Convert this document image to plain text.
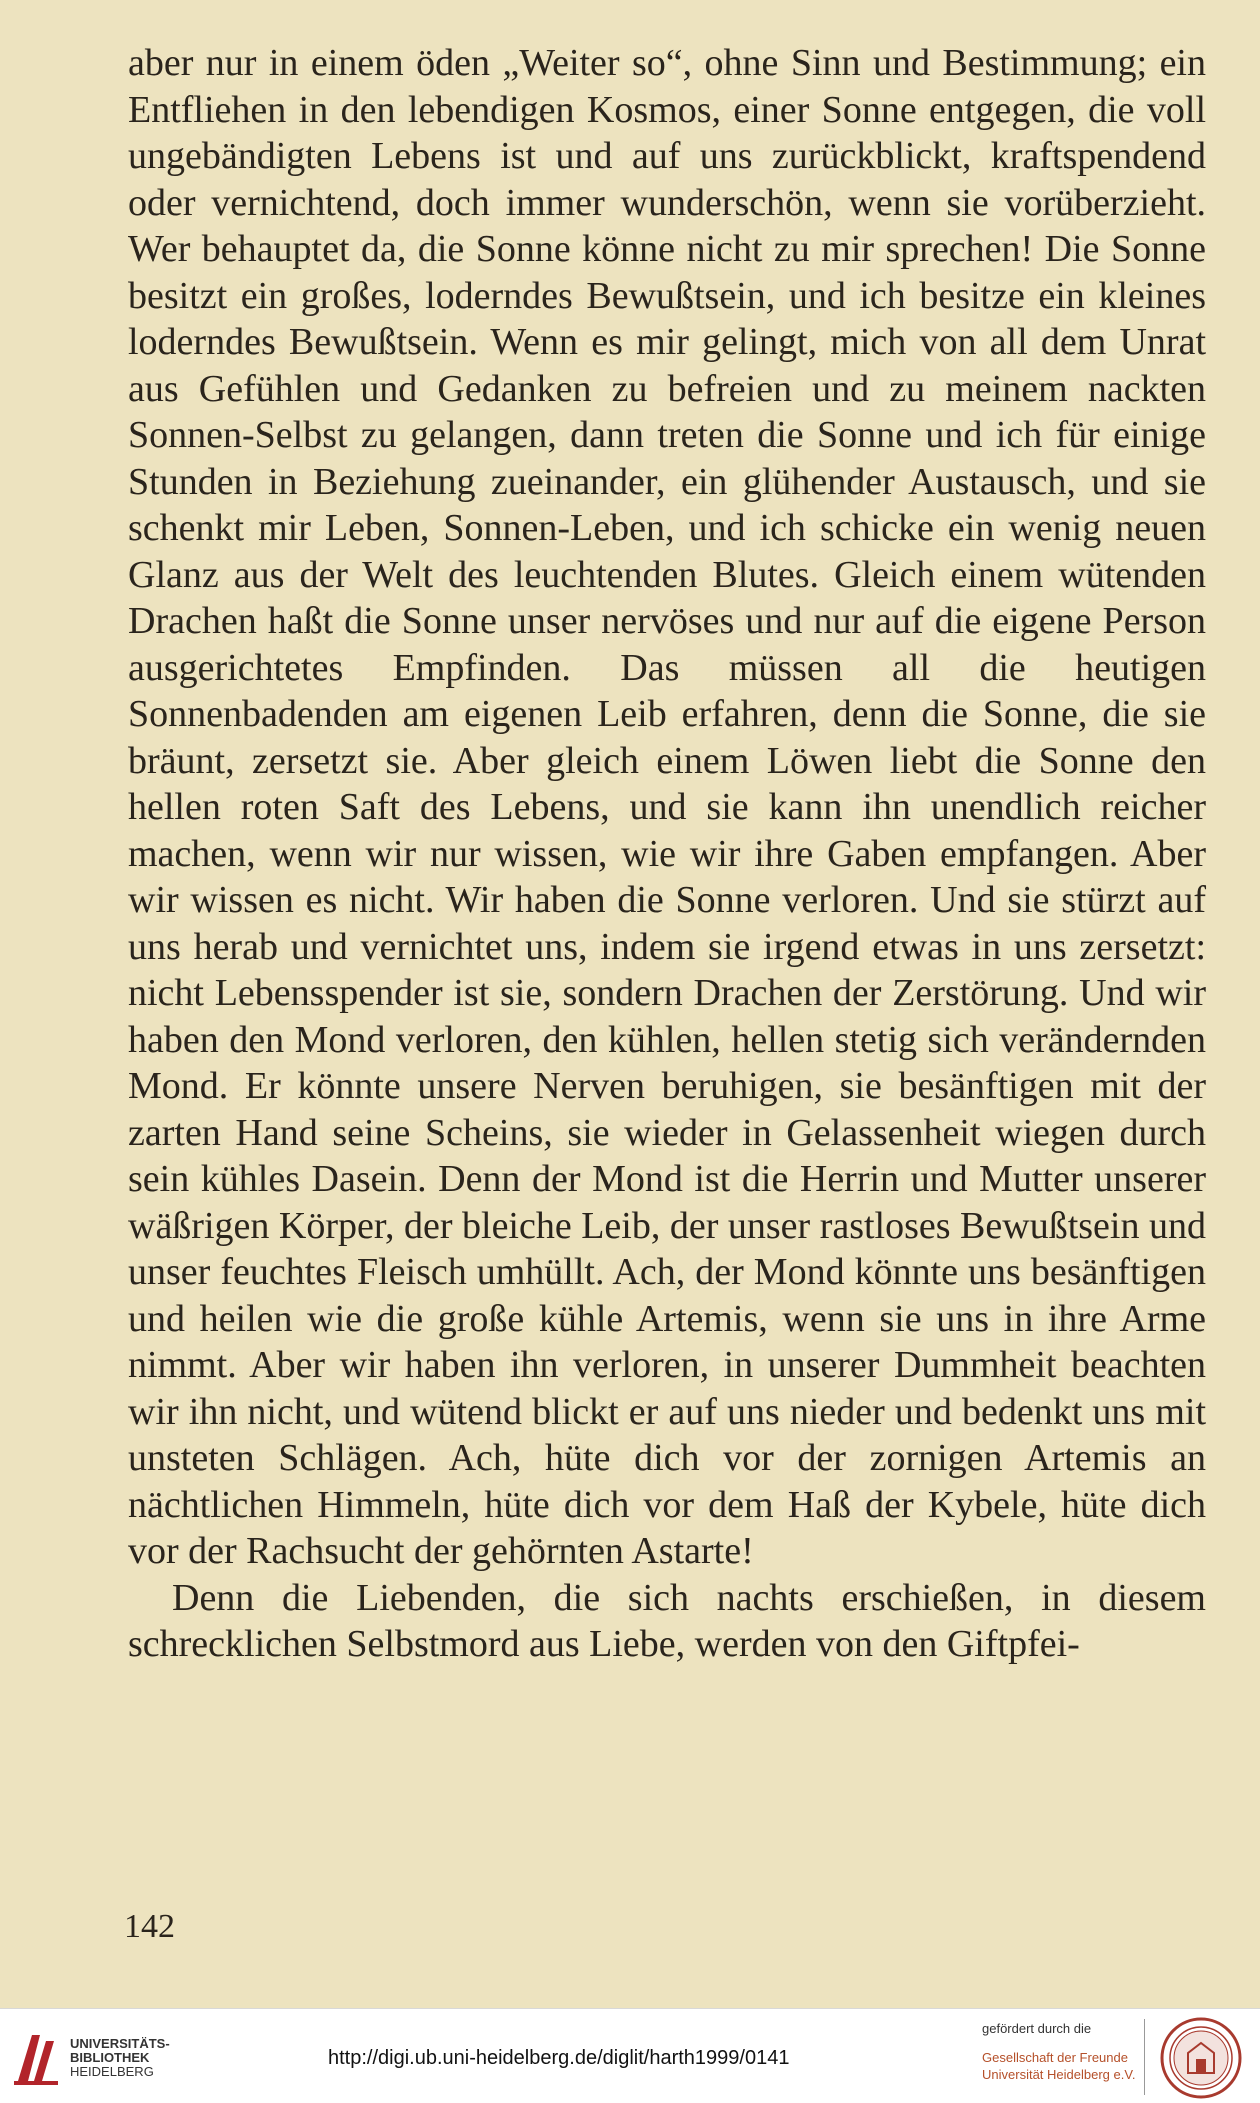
aber nur in einem öden „Weiter so“, ohne Sinn und Bestimmung; ein Entfliehen in den lebendigen Kosmos, einer Sonne entgegen, die voll ungebändigten Lebens ist und auf uns zurückblickt, kraftspendend oder vernichtend, doch immer wunderschön, wenn sie vorüberzieht. Wer behauptet da, die Sonne könne nicht zu mir sprechen! Die Sonne besitzt ein großes, loderndes Bewußtsein, und ich besitze ein kleines loderndes Bewußtsein. Wenn es mir gelingt, mich von all dem Unrat aus Gefühlen und Gedanken zu befreien und zu meinem nackten Sonnen-Selbst zu gelangen, dann treten die Sonne und ich für einige Stunden in Beziehung zueinander, ein glühender Austausch, und sie schenkt mir Leben, Sonnen-Leben, und ich schicke ein wenig neuen Glanz aus der Welt des leuchtenden Blutes. Gleich einem wütenden Drachen haßt die Sonne unser nervöses und nur auf die eigene Person ausgerichtetes Empfinden. Das müssen all die heutigen Sonnenbadenden am eigenen Leib erfahren, denn die Sonne, die sie bräunt, zersetzt sie. Aber gleich einem Löwen liebt die Sonne den hellen roten Saft des Lebens, und sie kann ihn unendlich reicher machen, wenn wir nur wissen, wie wir ihre Gaben empfangen. Aber wir wissen es nicht. Wir haben die Sonne verloren. Und sie stürzt auf uns herab und vernichtet uns, indem sie irgend etwas in uns zersetzt: nicht Lebensspender ist sie, sondern Drachen der Zerstörung. Und wir haben den Mond verloren, den kühlen, hellen stetig sich verändernden Mond. Er könnte unsere Nerven beruhigen, sie besänftigen mit der zarten Hand seine Scheins, sie wieder in Gelassenheit wiegen durch sein kühles Dasein. Denn der Mond ist die Herrin und Mutter unserer wäßrigen Körper, der bleiche Leib, der unser rastloses Bewußtsein und unser feuchtes Fleisch umhüllt. Ach, der Mond könnte uns besänftigen und heilen wie die große kühle Artemis, wenn sie uns in ihre Arme nimmt. Aber wir haben ihn verloren, in unserer Dummheit beachten wir ihn nicht, und wütend blickt er auf uns nieder und bedenkt uns mit unsteten Schlägen. Ach, hüte dich vor der zornigen Artemis an nächtlichen Himmeln, hüte dich vor dem Haß der Kybele, hüte dich vor der Rachsucht der gehörnten Astarte!

Denn die Liebenden, die sich nachts erschießen, in diesem schrecklichen Selbstmord aus Liebe, werden von den Giftpfei-

142
UNIVERSITÄTS-
BIBLIOTHEK
HEIDELBERG
http://digi.ub.uni-heidelberg.de/diglit/harth1999/0141
gefördert durch die
Gesellschaft der Freunde
Universität Heidelberg e.V.
